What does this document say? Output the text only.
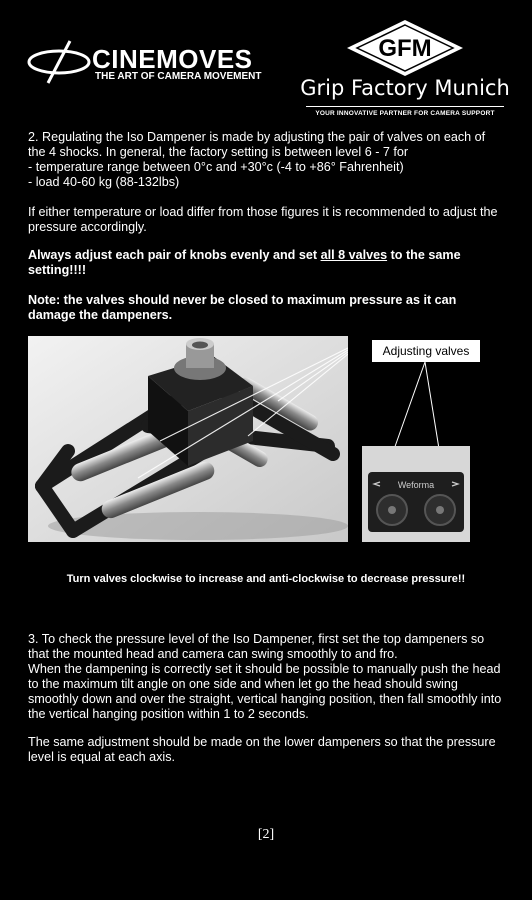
CINEMOVES
THE ART OF CAMERA MOVEMENT
GFM
Grip Factory Munich
YOUR INNOVATIVE PARTNER FOR CAMERA SUPPORT

2. Regulating the Iso Dampener is made by adjusting the pair of valves on each of the 4 shocks. In general, the factory setting is between level 6 - 7 for

- temperature range between 0°c and +30°c (-4 to +86° Fahrenheit)

- load 40-60 kg (88-132lbs)

If either temperature or load differ from those figures it is recommended to adjust the pressure accordingly.
Always adjust each pair of knobs evenly and set all 8 valves to the same setting!!!!
Note: the valves should never be closed to maximum pressure as it can damage the dampeners.
Weforma
Adjusting valves
Turn valves clockwise to increase and anti-clockwise to decrease pressure!!

3. To check the pressure level of the Iso Dampener, first set the top dampeners so that the mounted head and camera can swing smoothly to and fro.

When the dampening is correctly set it should be possible to manually push the head to the maximum tilt angle on one side and when let go the head should swing smoothly down and over the straight, vertical hanging position, then fall smoothly into the vertical hanging position within 1 to 2 seconds.

The same adjustment should be made on the lower dampeners so that the pressure level is equal at each axis.
[2]
